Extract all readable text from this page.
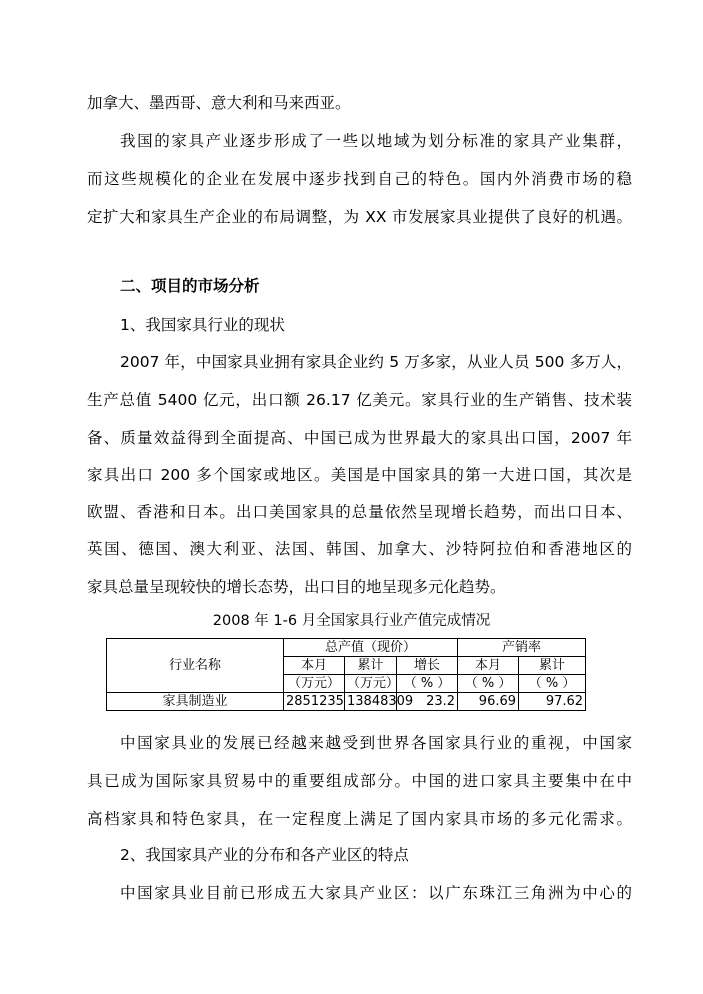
加拿大、墨西哥、意大利和马来西亚。
我国的家具产业逐步形成了一些以地域为划分标准的家具产业集群，
而这些规模化的企业在发展中逐步找到自己的特色。国内外消费市场的稳
定扩大和家具生产企业的布局调整，为 XX 市发展家具业提供了良好的机遇。
二、项目的市场分析
1、我国家具行业的现状
2007 年，中国家具业拥有家具企业约 5 万多家，从业人员 500 多万人，
生产总值 5400 亿元，出口额 26.17 亿美元。家具行业的生产销售、技术装
备、质量效益得到全面提高、中国已成为世界最大的家具出口国，2007 年
家具出口 200 多个国家或地区。美国是中国家具的第一大进口国，其次是
欧盟、香港和日本。出口美国家具的总量依然呈现增长趋势，而出口日本、
英国、德国、澳大利亚、法国、韩国、加拿大、沙特阿拉伯和香港地区的
家具总量呈现较快的增长态势，出口目的地呈现多元化趋势。
2008 年 1-6 月全国家具行业产值完成情况
	总产值（现价）			产销率	
行业名称	本月	累计	增长	本月	累计
	（万元）	（万元）	（ % ）	（ % ）	（ % ）
家具制造业	2851235	13848309	23.2	96.69	97.62
中国家具业的发展已经越来越受到世界各国家具行业的重视，中国家
具已成为国际家具贸易中的重要组成部分。中国的进口家具主要集中在中
高档家具和特色家具，在一定程度上满足了国内家具市场的多元化需求。
2、我国家具产业的分布和各产业区的特点
中国家具业目前已形成五大家具产业区：以广东珠江三角洲为中心的
